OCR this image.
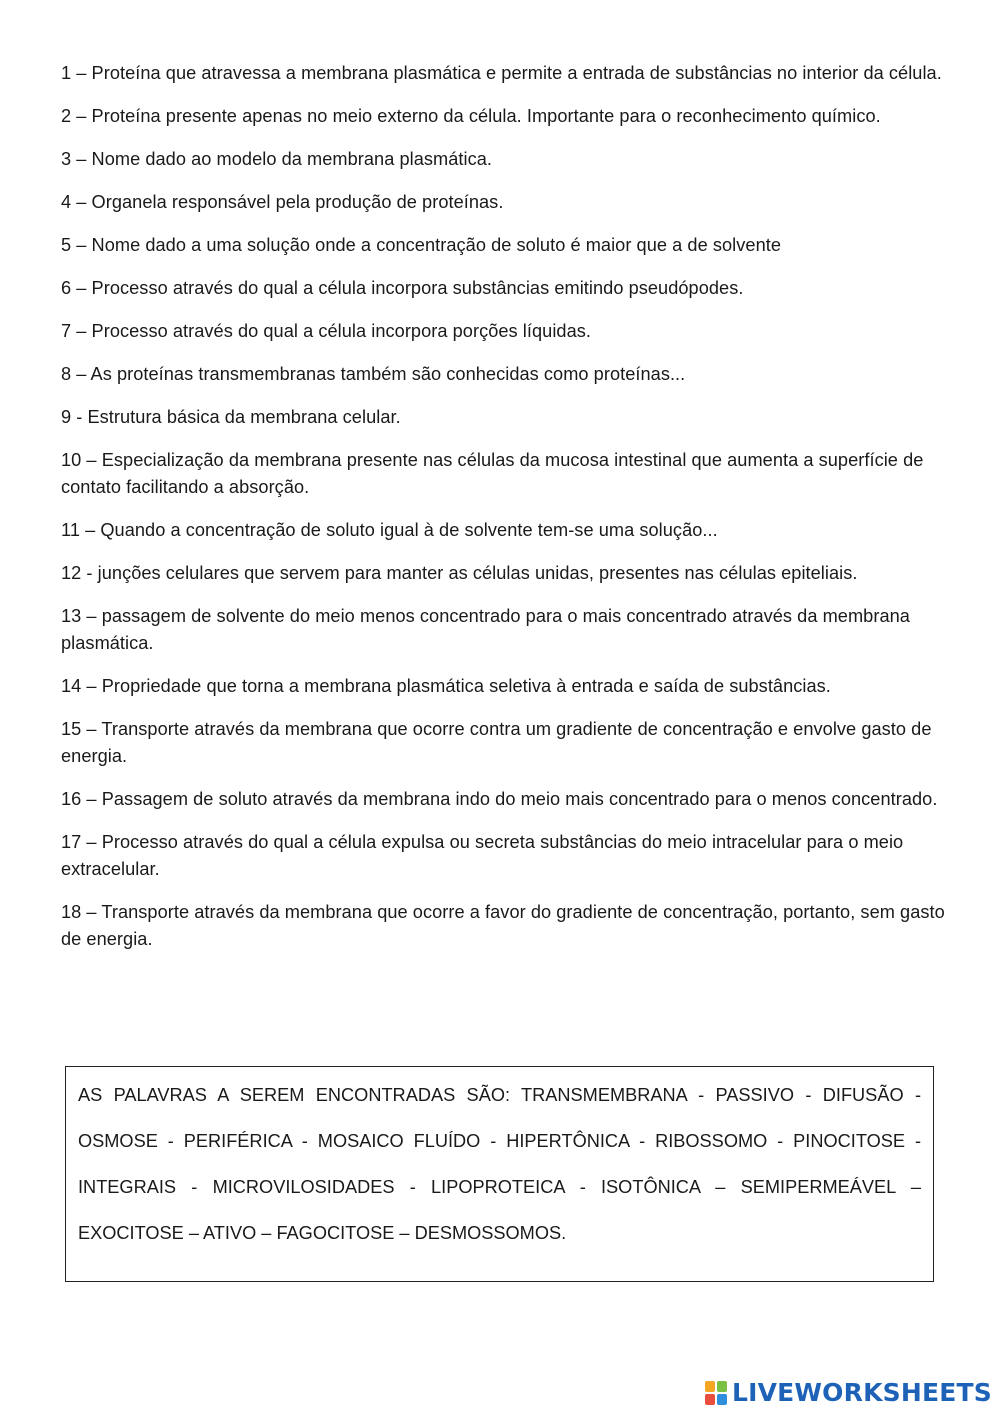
1 – Proteína que atravessa a membrana plasmática e permite a entrada de substâncias no interior da célula.

2 – Proteína presente apenas no meio externo da célula. Importante para o reconhecimento químico.

3 – Nome dado ao modelo da membrana plasmática.

4 – Organela responsável pela produção de proteínas.

5 – Nome dado a uma solução onde a concentração de soluto é maior que a de solvente

6 – Processo através do qual a célula incorpora substâncias emitindo pseudópodes.

7 – Processo através do qual a célula incorpora porções líquidas.

8 – As proteínas transmembranas também são conhecidas como proteínas...

9 - Estrutura básica da membrana celular.

10 – Especialização da membrana presente nas células da mucosa intestinal que aumenta a superfície de contato facilitando a absorção.

11 – Quando a concentração de soluto igual à de solvente tem-se uma solução...

12 - junções celulares que servem para manter as células unidas, presentes nas células epiteliais.

13 – passagem de solvente do meio menos concentrado para o mais concentrado através da membrana plasmática.

14 – Propriedade que torna a membrana plasmática seletiva à entrada e saída de substâncias.

15 – Transporte através da membrana que ocorre contra um gradiente de concentração e envolve gasto de energia.

16 – Passagem de soluto através da membrana indo do meio mais concentrado para o menos concentrado.

17 – Processo através do qual a célula expulsa ou secreta substâncias do meio intracelular para o meio extracelular.

18 – Transporte através da membrana que ocorre a favor do gradiente de concentração, portanto, sem gasto de energia.

AS PALAVRAS A SEREM ENCONTRADAS SÃO: TRANSMEMBRANA - PASSIVO - DIFUSÃO - OSMOSE - PERIFÉRICA - MOSAICO FLUÍDO - HIPERTÔNICA - RIBOSSOMO - PINOCITOSE - INTEGRAIS - MICROVILOSIDADES - LIPOPROTEICA - ISOTÔNICA – SEMIPERMEÁVEL – EXOCITOSE – ATIVO – FAGOCITOSE – DESMOSSOMOS.

LIVEWORKSHEETS
